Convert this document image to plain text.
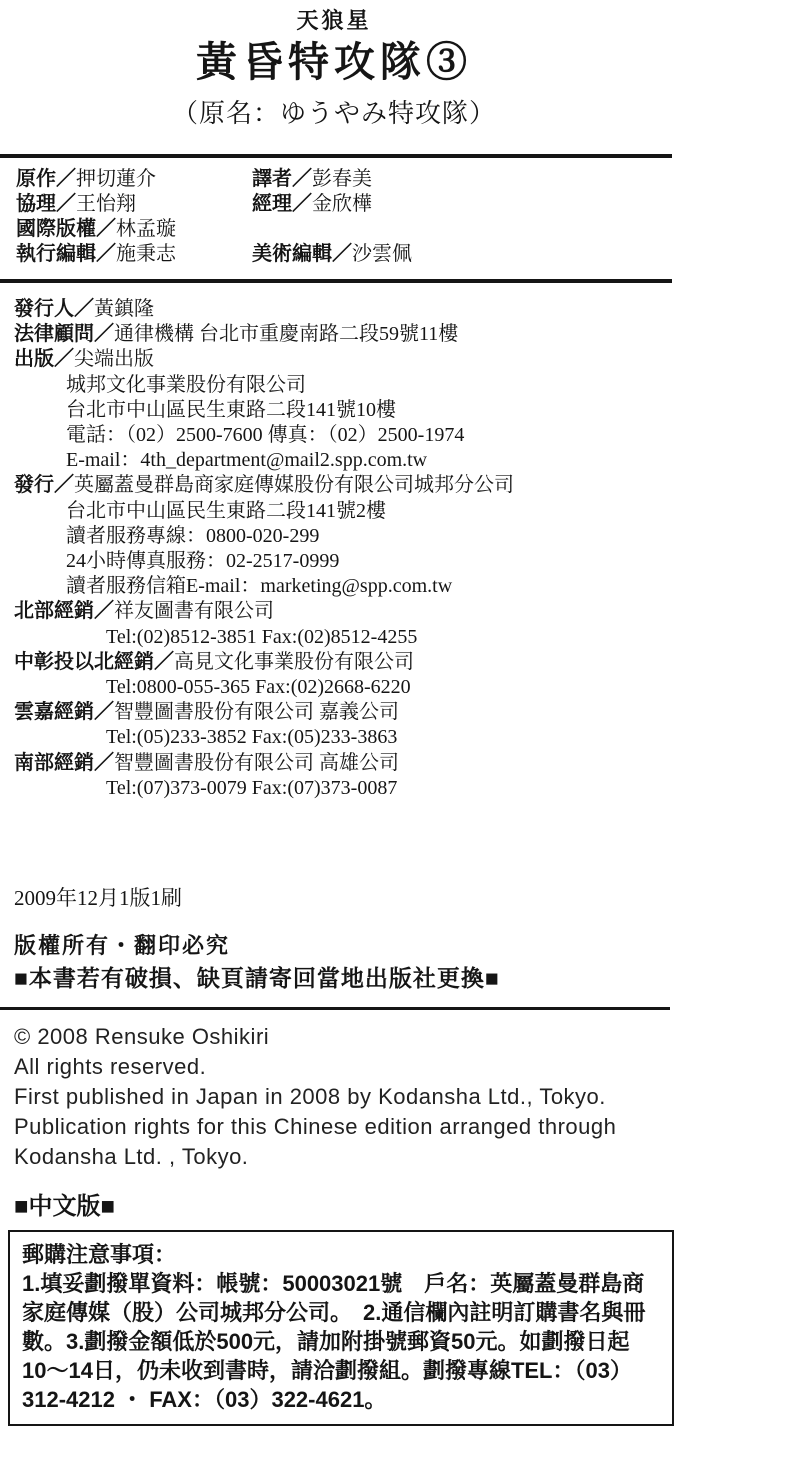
天狼星
黃昏特攻隊③
（原名：ゆうやみ特攻隊）
原作／押切蓮介	譯者／彭春美
協理／王怡翔	經理／金欣樺
國際版權／林孟璇
執行編輯／施秉志	美術編輯／沙雲佩
發行人／黃鎮隆
法律顧問／通律機構 台北市重慶南路二段59號11樓
出版／尖端出版
城邦文化事業股份有限公司
台北市中山區民生東路二段141號10樓
電話：（02）2500-7600 傳真：（02）2500-1974
E-mail：4th_department@mail2.spp.com.tw
發行／英屬蓋曼群島商家庭傳媒股份有限公司城邦分公司
台北市中山區民生東路二段141號2樓
讀者服務專線：0800-020-299
24小時傳真服務：02-2517-0999
讀者服務信箱E-mail：marketing@spp.com.tw
北部經銷／祥友圖書有限公司
Tel:(02)8512-3851 Fax:(02)8512-4255
中彰投以北經銷／高見文化事業股份有限公司
Tel:0800-055-365 Fax:(02)2668-6220
雲嘉經銷／智豐圖書股份有限公司 嘉義公司
Tel:(05)233-3852 Fax:(05)233-3863
南部經銷／智豐圖書股份有限公司 高雄公司
Tel:(07)373-0079 Fax:(07)373-0087
2009年12月1版1刷
版權所有・翻印必究
■本書若有破損、缺頁請寄回當地出版社更換■
© 2008 Rensuke Oshikiri
All rights reserved.
First published in Japan in 2008 by Kodansha Ltd., Tokyo.
Publication rights for this Chinese edition arranged through
Kodansha Ltd. , Tokyo.
■中文版■
郵購注意事項：
1.填妥劃撥單資料：帳號：50003021號　戶名：英屬蓋曼群島商
家庭傳媒（股）公司城邦分公司。　2.通信欄內註明訂購書名與冊
數。3.劃撥金額低於500元，請加附掛號郵資50元。如劃撥日起
10～14日，仍未收到書時，請洽劃撥組。劃撥專線TEL：（03）
312-4212 ・ FAX：（03）322-4621。
